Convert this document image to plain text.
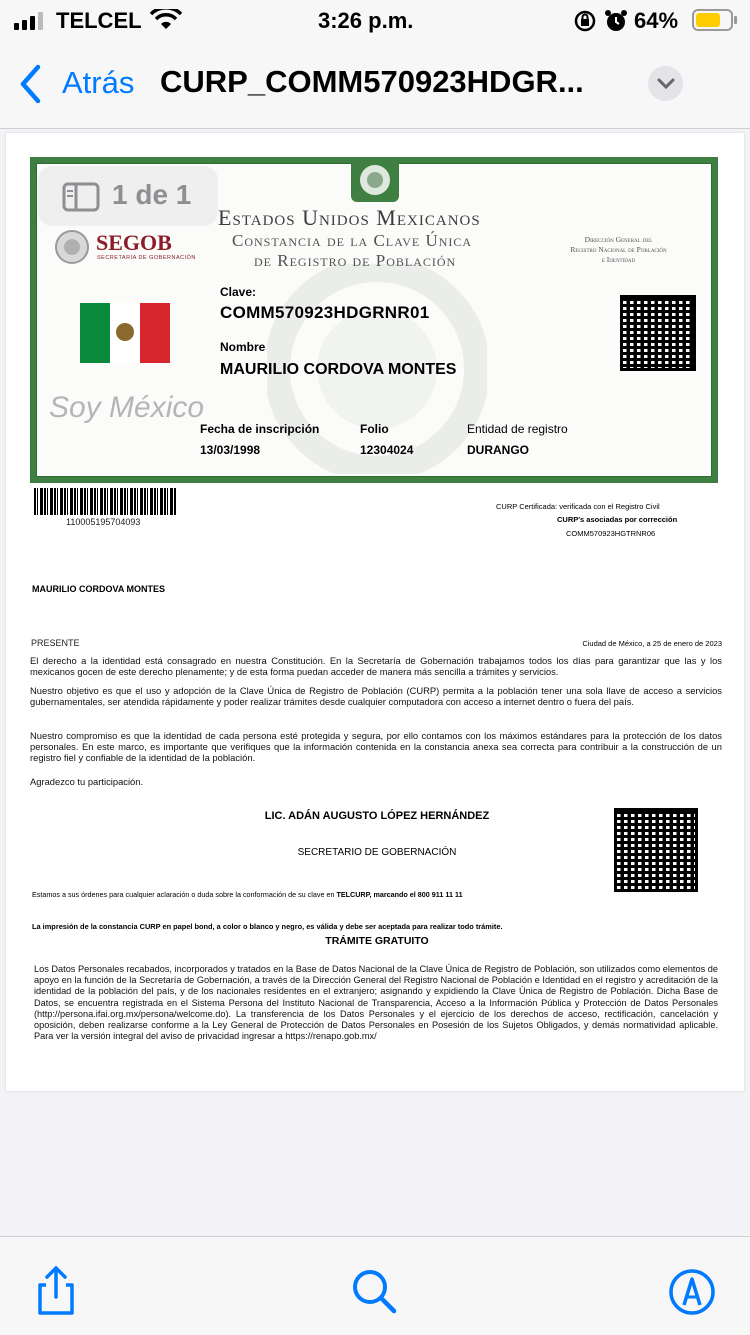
TELCEL	3:26 p.m.	64%
Atrás CURP_COMM570923HDGR...
Estados Unidos Mexicanos
Constancia de la Clave Única
de Registro de Población
SEGOB
SECRETARÍA DE GOBERNACIÓN
Dirección General del
Registro Nacional de Población
e Identidad
Soy México
Clave:
COMM570923HDGRNR01
Nombre
MAURILIO CORDOVA MONTES
Fecha de inscripción
13/03/1998
Folio
12304024
Entidad de registro
DURANGO
1 de 1
110005195704093
CURP Certificada: verificada con el Registro Civil
CURP's asociadas por corrección
COMM570923HGTRNR06
MAURILIO CORDOVA MONTES
PRESENTE	Ciudad de México, a 25 de enero de 2023
El derecho a la identidad está consagrado en nuestra Constitución. En la Secretaría de Gobernación trabajamos todos los días para garantizar que las y los mexicanos gocen de este derecho plenamente; y de esta forma puedan acceder de manera más sencilla a trámites y servicios.
Nuestro objetivo es que el uso y adopción de la Clave Única de Registro de Población (CURP) permita a la población tener una sola llave de acceso a servicios gubernamentales, ser atendida rápidamente y poder realizar trámites desde cualquier computadora con acceso a internet dentro o fuera del país.
Nuestro compromiso es que la identidad de cada persona esté protegida y segura, por ello contamos con los máximos estándares para la protección de los datos personales. En este marco, es importante que verifiques que la información contenida en la constancia anexa sea correcta para contribuir a la construcción de un registro fiel y confiable de la identidad de la población.
Agradezco tu participación.
LIC. ADÁN AUGUSTO LÓPEZ HERNÁNDEZ
SECRETARIO DE GOBERNACIÓN
Estamos a sus órdenes para cualquier aclaración o duda sobre la conformación de su clave en TELCURP, marcando el 800 911 11 11
La impresión de la constancia CURP en papel bond, a color o blanco y negro, es válida y debe ser aceptada para realizar todo trámite.
TRÁMITE GRATUITO
Los Datos Personales recabados, incorporados y tratados en la Base de Datos Nacional de la Clave Única de Registro de Población, son utilizados como elementos de apoyo en la función de la Secretaría de Gobernación, a través de la Dirección General del Registro Nacional de Población e Identidad en el registro y acreditación de la identidad de la población del país, y de los nacionales residentes en el extranjero; asignando y expidiendo la Clave Única de Registro de Población. Dicha Base de Datos, se encuentra registrada en el Sistema Persona del Instituto Nacional de Transparencia, Acceso a la Información Pública y Protección de Datos Personales (http://persona.ifai.org.mx/persona/welcome.do). La transferencia de los Datos Personales y el ejercicio de los derechos de acceso, rectificación, cancelación y oposición, deben realizarse conforme a la Ley General de Protección de Datos Personales en Posesión de los Sujetos Obligados, y demás normatividad aplicable. Para ver la versión integral del aviso de privacidad ingresar a https://renapo.gob.mx/
